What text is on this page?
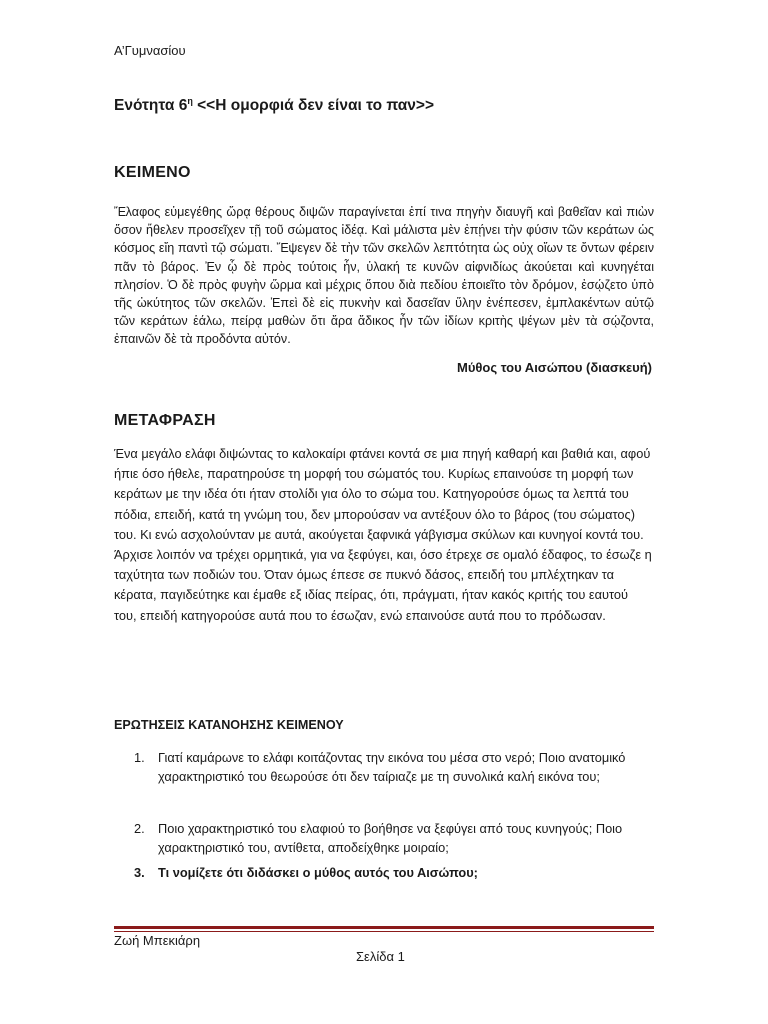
Α’Γυμνασίου
Ενότητα $6^\eta <<H$ ομορφιά δεν είναι το παν>>
ΚΕΙΜΕΝΟ

Ἔλαφος εὐμεγέθης ὥρᾳ θέρους διψῶν παραγίνεται ἐπί τινα πηγὴν διαυγῆ καὶ βαθεῖαν καὶ πιὼν ὅσον ἤθελεν προσεῖχεν τῇ τοῦ σώματος ἰδέᾳ. Καὶ μάλιστα μὲν ἐπῄνει τὴν φύσιν τῶν κεράτων ὡς κόσμος εἴη παντὶ τῷ σώματι. Ἔψεγεν δὲ τὴν τῶν σκελῶν λεπτότητα ὡς οὐχ οἵων τε ὄντων φέρειν πᾶν τὸ βάρος. Ἐν ᾧ δὲ πρὸς τούτοις ἦν, ὑλακή τε κυνῶν αἰφνιδίως ἀκούεται καὶ κυνηγέται πλησίον. Ὁ δὲ πρὸς φυγὴν ὥρμα καὶ μέχρις ὅπου διὰ πεδίου ἐποιεῖτο τὸν δρόμον, ἐσῴζετο ὑπὸ τῆς ὠκύτητος τῶν σκελῶν. Ἐπεὶ δὲ εἰς πυκνὴν καὶ δασεῖαν ὕλην ἐνέπεσεν, ἐμπλακέντων αὐτῷ τῶν κεράτων ἑάλω, πείρᾳ μαθὼν ὅτι ἄρα ἄδικος ἦν τῶν ἰδίων κριτὴς ψέγων μὲν τὰ σῴζοντα, ἐπαινῶν δὲ τὰ προδόντα αὐτόν.

Μύθος του Αισώπου (διασκευή)
ΜΕΤΑΦΡΑΣΗ

Ένα μεγάλο ελάφι διψώντας το καλοκαίρι φτάνει κοντά σε μια πηγή καθαρή και βαθιά και, αφού ήπιε όσο ήθελε, παρατηρούσε τη μορφή του σώματός του. Κυρίως επαινούσε τη μορφή των κεράτων με την ιδέα ότι ήταν στολίδι για όλο το σώμα του. Κατηγορούσε όμως τα λεπτά του πόδια, επειδή, κατά τη γνώμη του, δεν μπορούσαν να αντέξουν όλο το βάρος (του σώματος) του. Κι ενώ ασχολούνταν με αυτά, ακούγεται ξαφνικά γάβγισμα σκύλων και κυνηγοί κοντά του. Άρχισε λοιπόν να τρέχει ορμητικά, για να ξεφύγει, και, όσο έτρεχε σε ομαλό έδαφος, το έσωζε η ταχύτητα των ποδιών του. Όταν όμως έπεσε σε πυκνό δάσος, επειδή του μπλέχτηκαν τα κέρατα, παγιδεύτηκε και έμαθε εξ ιδίας πείρας, ότι, πράγματι, ήταν κακός κριτής του εαυτού του, επειδή κατηγορούσε αυτά που το έσωζαν, ενώ επαινούσε αυτά που το πρόδωσαν.

ΕΡΩΤΗΣΕΙΣ ΚΑΤΑΝΟΗΣΗΣ ΚΕΙΜΕΝΟΥ
1.	Γιατί καμάρωνε το ελάφι κοιτάζοντας την εικόνα του μέσα στο νερό; Ποιο ανατομικό χαρακτηριστικό του θεωρούσε ότι δεν ταίριαζε με τη συνολικά καλή εικόνα του;
2.	Ποιο χαρακτηριστικό του ελαφιού το βοήθησε να ξεφύγει από τους κυνηγούς; Ποιο χαρακτηριστικό του, αντίθετα, αποδείχθηκε μοιραίο;
3.	Τι νομίζετε ότι διδάσκει ο μύθος αυτός του Αισώπου;
Ζωή Μπεκιάρη
Σελίδα 1
